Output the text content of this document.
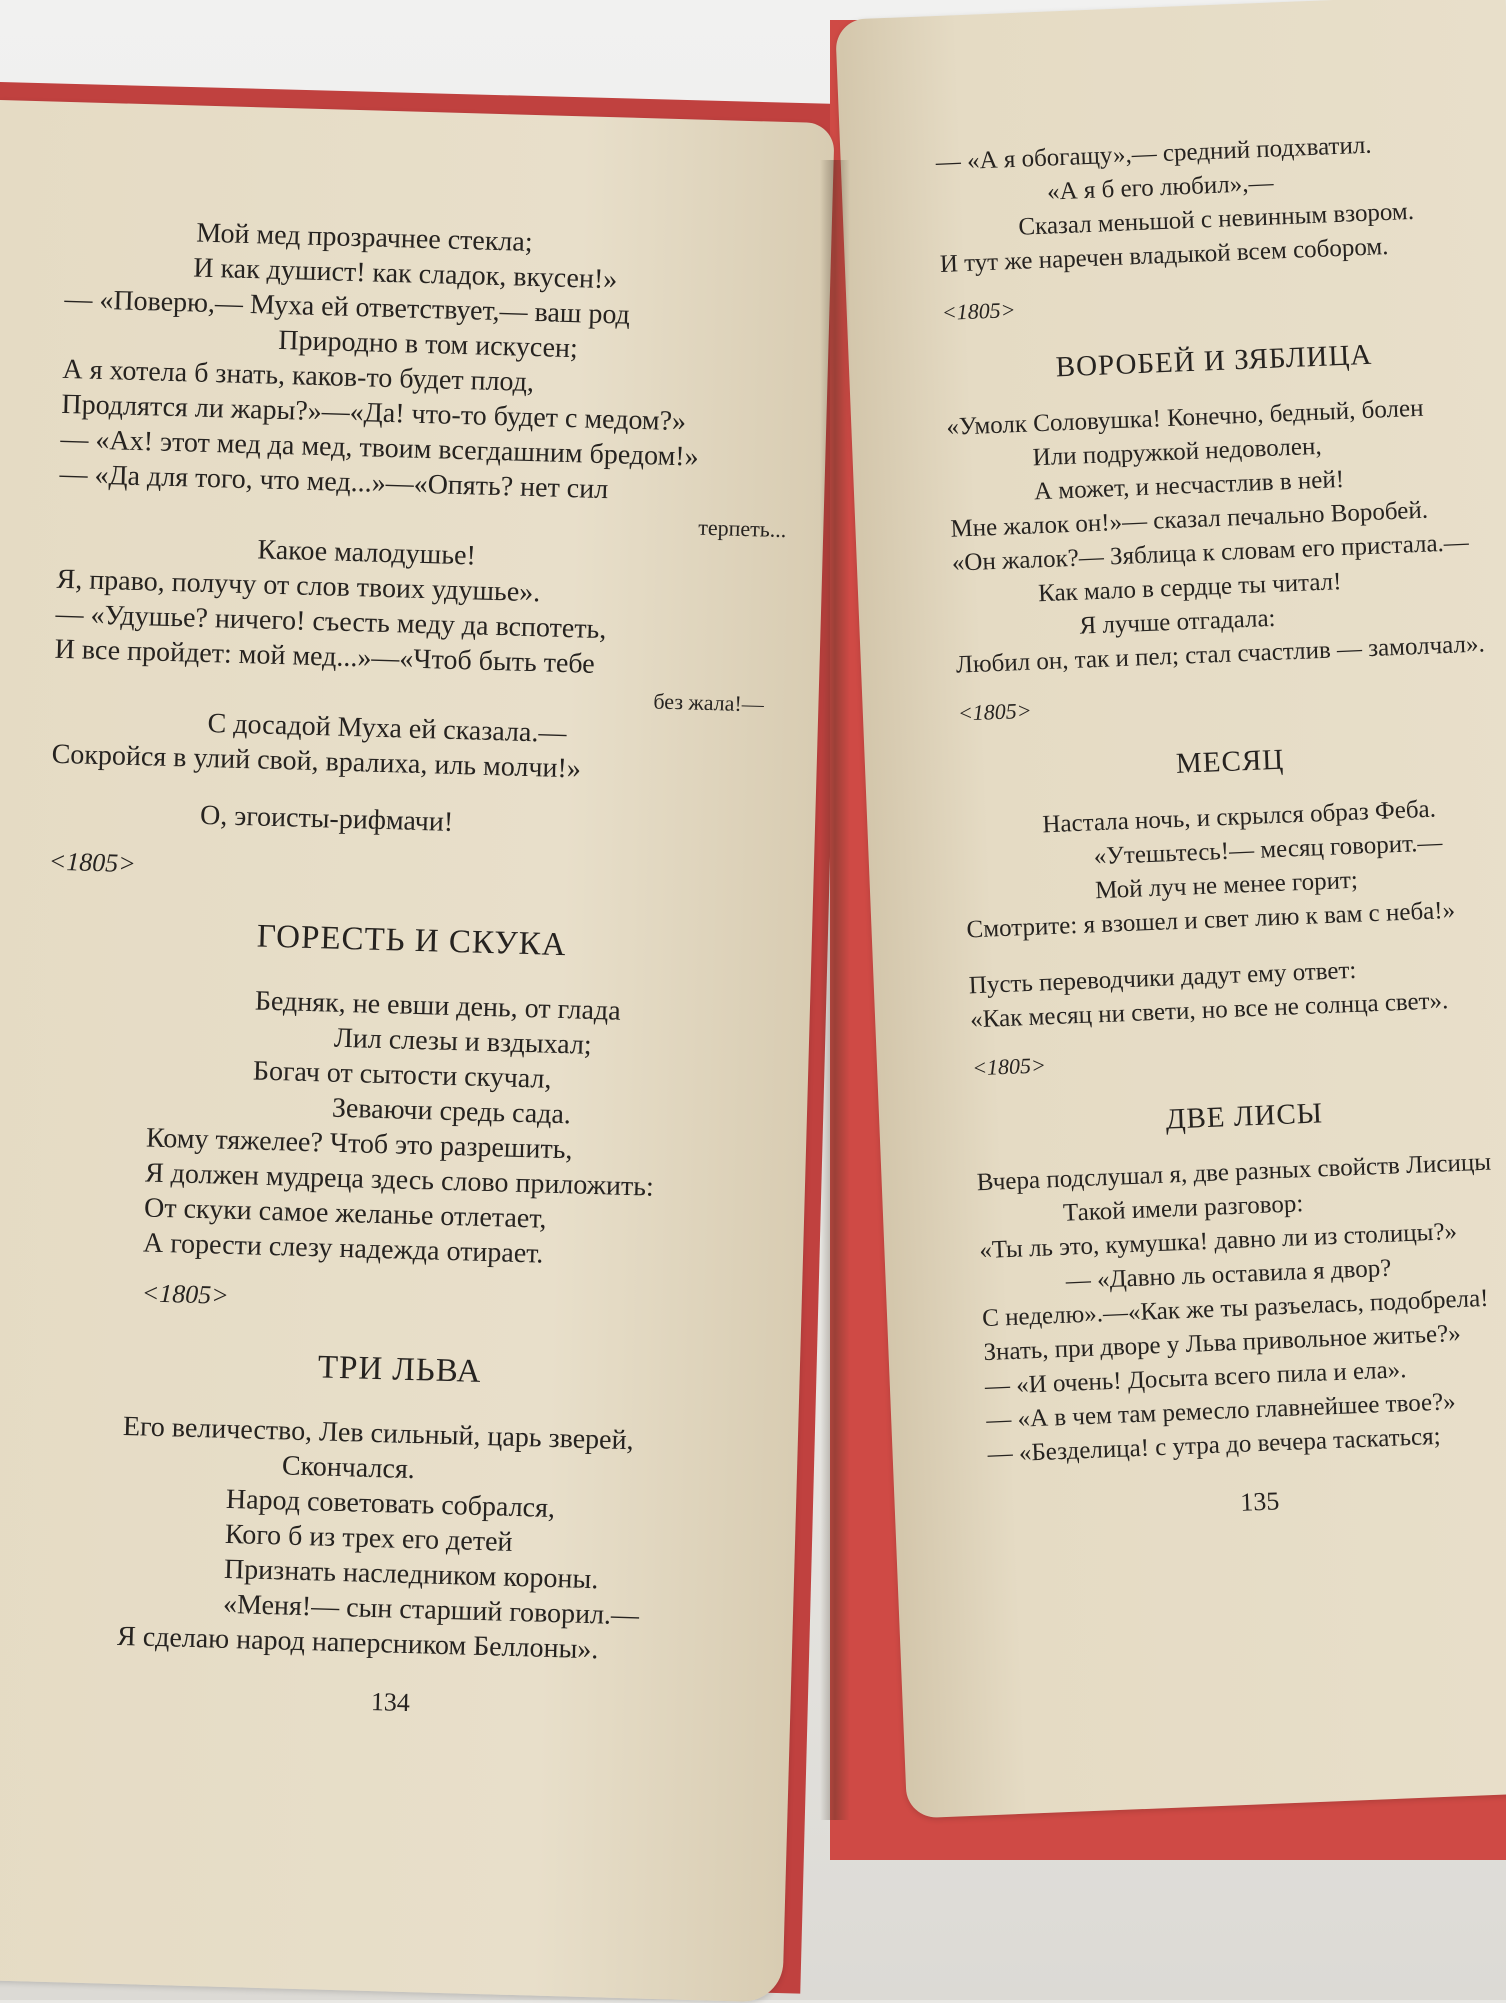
Мой мед прозрачнее стекла;
И как душист! как сладок, вкусен!»
— «Поверю,— Муха ей ответствует,— ваш род
Природно в том искусен;
А я хотела б знать, каков-то будет плод,
Продлятся ли жары?»—«Да! что-то будет с медом?»
— «Ах! этот мед да мед, твоим всегдашним бредом!»
— «Да для того, что мед...»—«Опять? нет сил
терпеть...
Какое малодушье!
Я, право, получу от слов твоих удушье».
— «Удушье? ничего! съесть меду да вспотеть,
И все пройдет: мой мед...»—«Чтоб быть тебе
без жала!—
С досадой Муха ей сказала.—
Сокройся в улий свой, вралиха, иль молчи!»
О, эгоисты-рифмачи!
<1805>
ГОРЕСТЬ И СКУКА
Бедняк, не евши день, от глада
Лил слезы и вздыхал;
Богач от сытости скучал,
Зеваючи средь сада.
Кому тяжелее? Чтоб это разрешить,
Я должен мудреца здесь слово приложить:
От скуки самое желанье отлетает,
А горести слезу надежда отирает.
<1805>
ТРИ ЛЬВА
Его величество, Лев сильный, царь зверей,
Скончался.
Народ советовать собрался,
Кого б из трех его детей
Признать наследником короны.
«Меня!— сын старший говорил.—
Я сделаю народ наперсником Беллоны».
134
— «А я обогащу»,— средний подхватил.
«А я б его любил»,—
Сказал меньшой с невинным взором.
И тут же наречен владыкой всем собором.
<1805>
ВОРОБЕЙ И ЗЯБЛИЦА
«Умолк Соловушка! Конечно, бедный, болен
Или подружкой недоволен,
А может, и несчастлив в ней!
Мне жалок он!»— сказал печально Воробей.
«Он жалок?— Зяблица к словам его пристала.—
Как мало в сердце ты читал!
Я лучше отгадала:
Любил он, так и пел; стал счастлив — замолчал».
<1805>
МЕСЯЦ
Настала ночь, и скрылся образ Феба.
«Утешьтесь!— месяц говорит.—
Мой луч не менее горит;
Смотрите: я взошел и свет лию к вам с неба!»
Пусть переводчики дадут ему ответ:
«Как месяц ни свети, но все не солнца свет».
<1805>
ДВЕ ЛИСЫ
Вчера подслушал я, две разных свойств Лисицы
Такой имели разговор:
«Ты ль это, кумушка! давно ли из столицы?»
— «Давно ль оставила я двор?
С неделю».—«Как же ты разъелась, подобрела!
Знать, при дворе у Льва привольное житье?»
— «И очень! Досыта всего пила и ела».
— «А в чем там ремесло главнейшее твое?»
— «Безделица! с утра до вечера таскаться;
135
